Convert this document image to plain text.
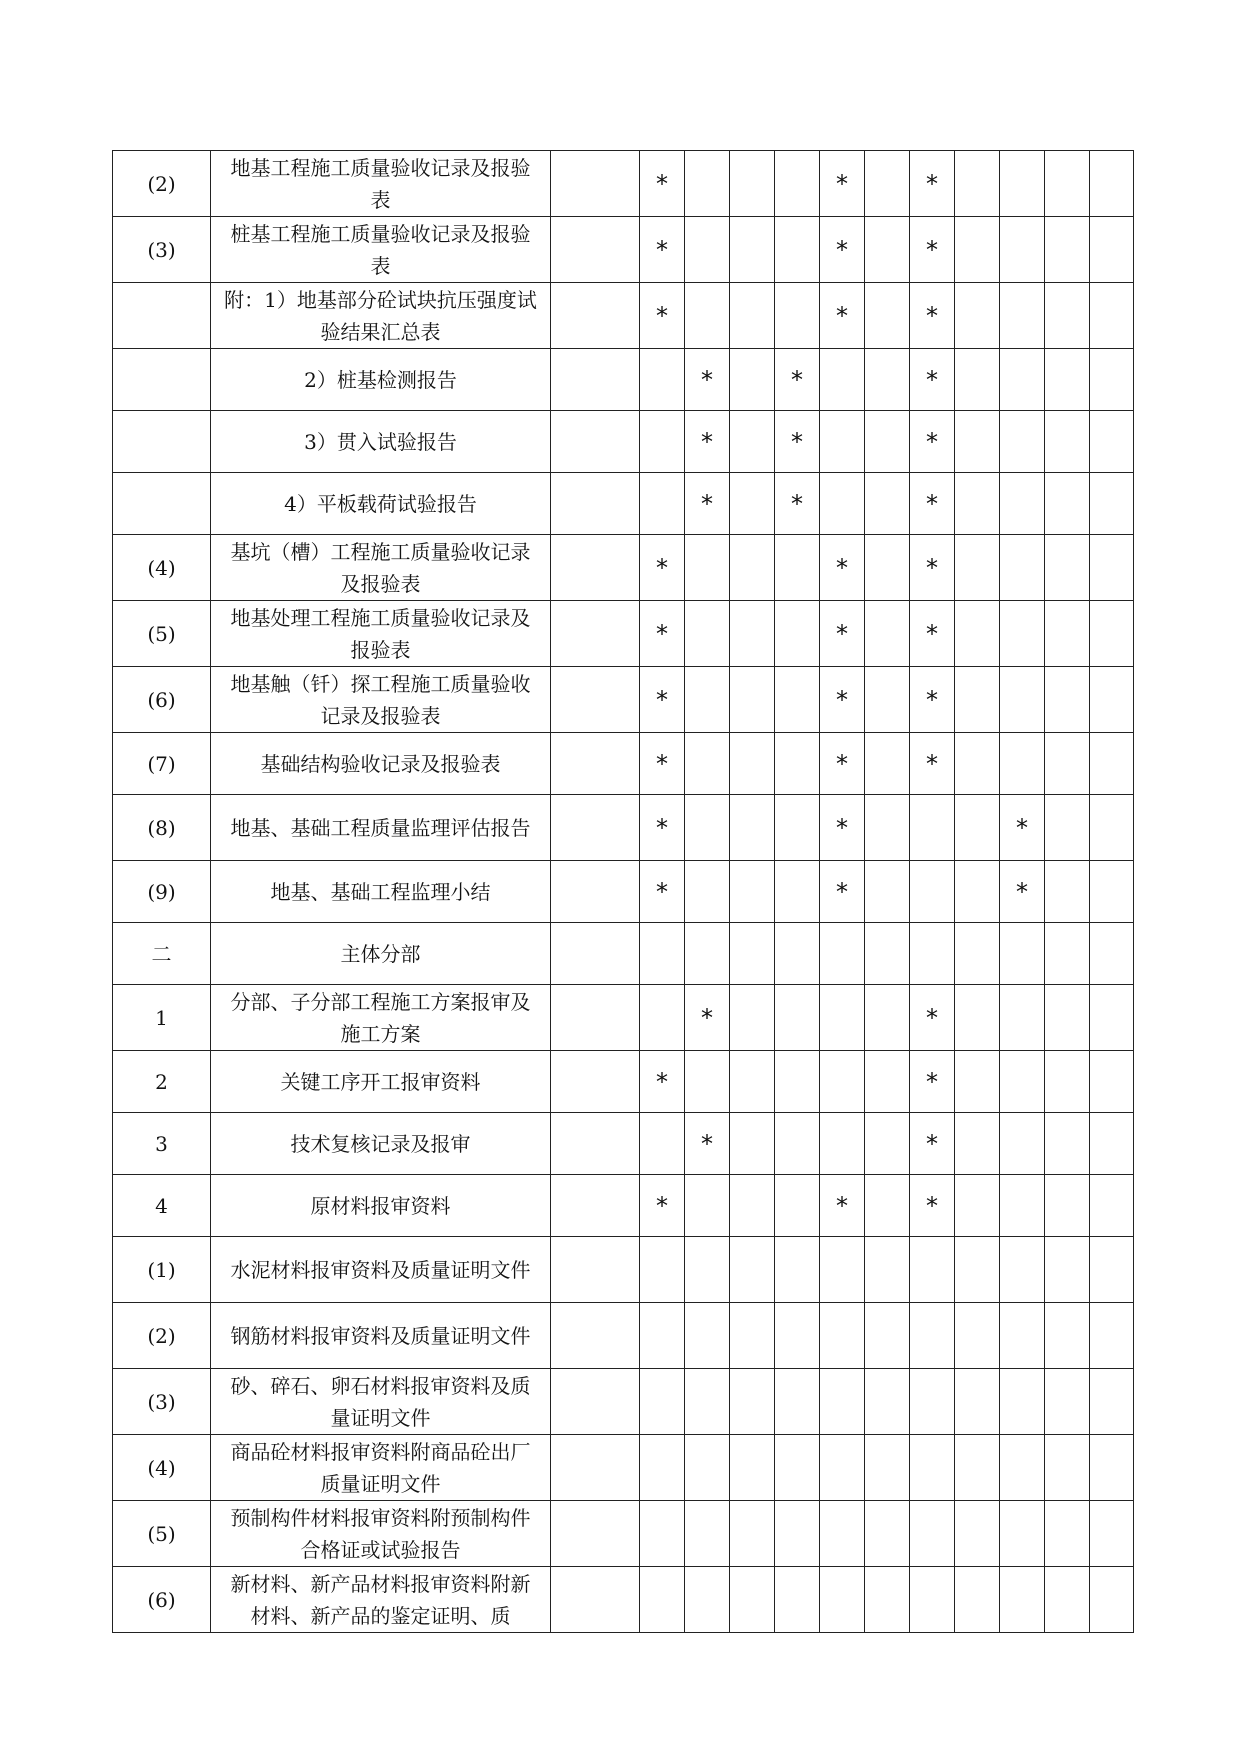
(2)	地基工程施工质量验收记录及报验表		*				*		*				
(3)	桩基工程施工质量验收记录及报验表		*				*		*				
	附：1）地基部分砼试块抗压强度试验结果汇总表		*				*		*				
	2）桩基检测报告			*		*			*				
	3）贯入试验报告			*		*			*				
	4）平板载荷试验报告			*		*			*				
(4)	基坑（槽）工程施工质量验收记录及报验表		*				*		*				
(5)	地基处理工程施工质量验收记录及报验表		*				*		*				
(6)	地基触（钎）探工程施工质量验收记录及报验表		*				*		*				
(7)	基础结构验收记录及报验表		*				*		*				
(8)	地基、基础工程质量监理评估报告		*				*				*		
(9)	地基、基础工程监理小结		*				*				*		
二	主体分部												
1	分部、子分部工程施工方案报审及施工方案			*					*				
2	关键工序开工报审资料		*						*				
3	技术复核记录及报审			*					*				
4	原材料报审资料		*				*		*				
(1)	水泥材料报审资料及质量证明文件												
(2)	钢筋材料报审资料及质量证明文件												
(3)	砂、碎石、卵石材料报审资料及质量证明文件												
(4)	商品砼材料报审资料附商品砼出厂质量证明文件												
(5)	预制构件材料报审资料附预制构件合格证或试验报告												
(6)	新材料、新产品材料报审资料附新材料、新产品的鉴定证明、质												
